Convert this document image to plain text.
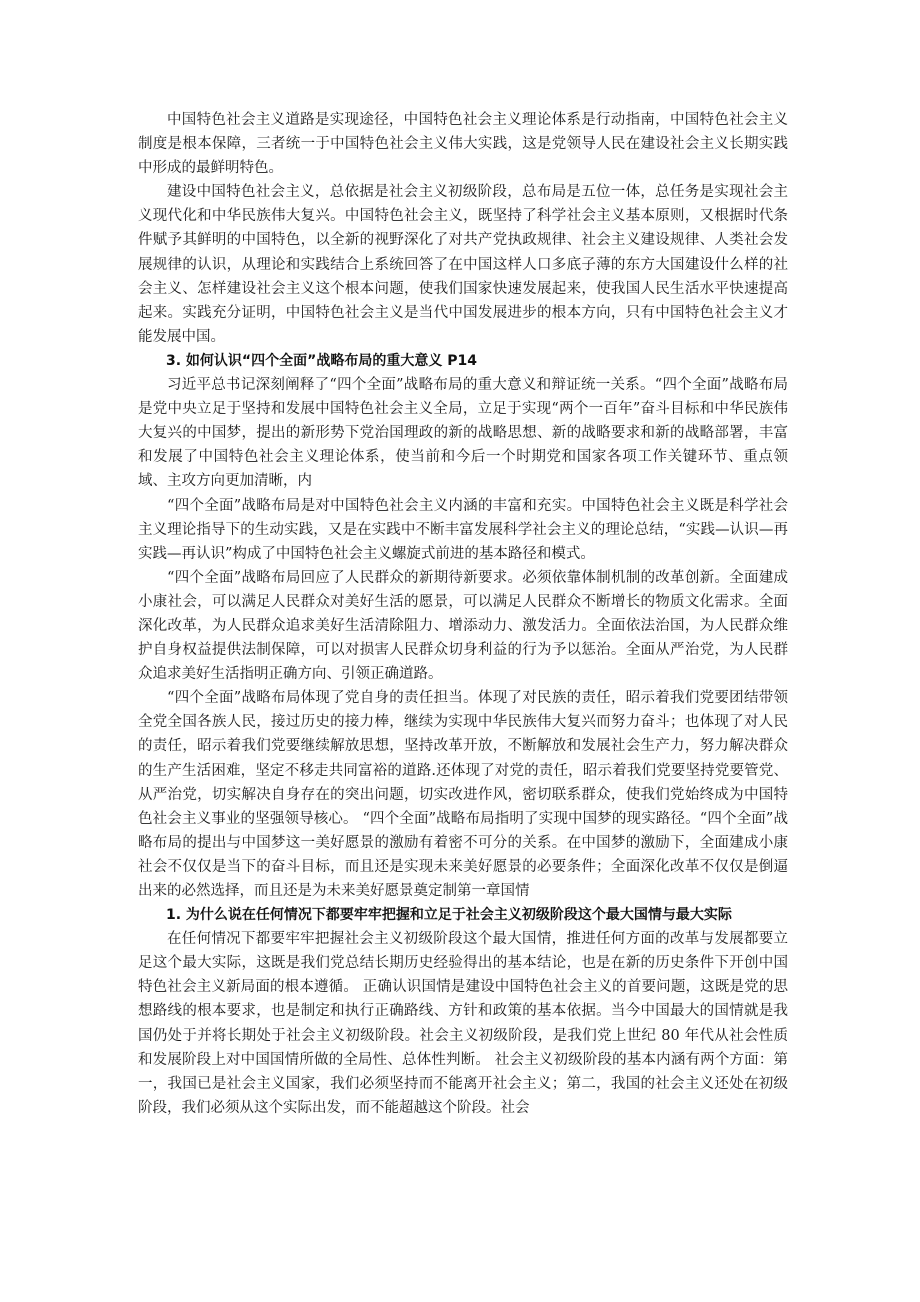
中国特色社会主义道路是实现途径，中国特色社会主义理论体系是行动指南，中国特色社会主义制度是根本保障，三者统一于中国特色社会主义伟大实践，这是党领导人民在建设社会主义长期实践中形成的最鲜明特色。

建设中国特色社会主义，总依据是社会主义初级阶段，总布局是五位一体，总任务是实现社会主义现代化和中华民族伟大复兴。中国特色社会主义，既坚持了科学社会主义基本原则，又根据时代条件赋予其鲜明的中国特色，以全新的视野深化了对共产党执政规律、社会主义建设规律、人类社会发展规律的认识，从理论和实践结合上系统回答了在中国这样人口多底子薄的东方大国建设什么样的社会主义、怎样建设社会主义这个根本问题，使我们国家快速发展起来，使我国人民生活水平快速提高起来。实践充分证明，中国特色社会主义是当代中国发展进步的根本方向，只有中国特色社会主义才能发展中国。

3. 如何认识“四个全面”战略布局的重大意义 P14

习近平总书记深刻阐释了“四个全面”战略布局的重大意义和辩证统一关系。“四个全面”战略布局是党中央立足于坚持和发展中国特色社会主义全局，立足于实现“两个一百年”奋斗目标和中华民族伟大复兴的中国梦，提出的新形势下党治国理政的新的战略思想、新的战略要求和新的战略部署，丰富和发展了中国特色社会主义理论体系，使当前和今后一个时期党和国家各项工作关键环节、重点领域、主攻方向更加清晰，内

“四个全面”战略布局是对中国特色社会主义内涵的丰富和充实。中国特色社会主义既是科学社会主义理论指导下的生动实践，又是在实践中不断丰富发展科学社会主义的理论总结，“实践—认识—再实践—再认识”构成了中国特色社会主义螺旋式前进的基本路径和模式。

“四个全面”战略布局回应了人民群众的新期待新要求。必须依靠体制机制的改革创新。全面建成小康社会，可以满足人民群众对美好生活的愿景，可以满足人民群众不断增长的物质文化需求。全面深化改革，为人民群众追求美好生活清除阻力、增添动力、激发活力。全面依法治国，为人民群众维护自身权益提供法制保障，可以对损害人民群众切身利益的行为予以惩治。全面从严治党，为人民群众追求美好生活指明正确方向、引领正确道路。

“四个全面”战略布局体现了党自身的责任担当。体现了对民族的责任，昭示着我们党要团结带领全党全国各族人民，接过历史的接力棒，继续为实现中华民族伟大复兴而努力奋斗；也体现了对人民的责任，昭示着我们党要继续解放思想，坚持改革开放，不断解放和发展社会生产力，努力解决群众的生产生活困难，坚定不移走共同富裕的道路.还体现了对党的责任，昭示着我们党要坚持党要管党、从严治党，切实解决自身存在的突出问题，切实改进作风，密切联系群众，使我们党始终成为中国特色社会主义事业的坚强领导核心。 “四个全面”战略布局指明了实现中国梦的现实路径。“四个全面”战略布局的提出与中国梦这一美好愿景的激励有着密不可分的关系。在中国梦的激励下，全面建成小康社会不仅仅是当下的奋斗目标，而且还是实现未来美好愿景的必要条件；全面深化改革不仅仅是倒逼出来的必然选择，而且还是为未来美好愿景奠定制第一章国情

1. 为什么说在任何情况下都要牢牢把握和立足于社会主义初级阶段这个最大国情与最大实际

在任何情况下都要牢牢把握社会主义初级阶段这个最大国情，推进任何方面的改革与发展都要立足这个最大实际，这既是我们党总结长期历史经验得出的基本结论，也是在新的历史条件下开创中国特色社会主义新局面的根本遵循。 正确认识国情是建设中国特色社会主义的首要问题，这既是党的思想路线的根本要求，也是制定和执行正确路线、方针和政策的基本依据。当今中国最大的国情就是我国仍处于并将长期处于社会主义初级阶段。社会主义初级阶段，是我们党上世纪 80 年代从社会性质和发展阶段上对中国国情所做的全局性、总体性判断。 社会主义初级阶段的基本内涵有两个方面：第一，我国已是社会主义国家，我们必须坚持而不能离开社会主义；第二，我国的社会主义还处在初级阶段，我们必须从这个实际出发，而不能超越这个阶段。社会
